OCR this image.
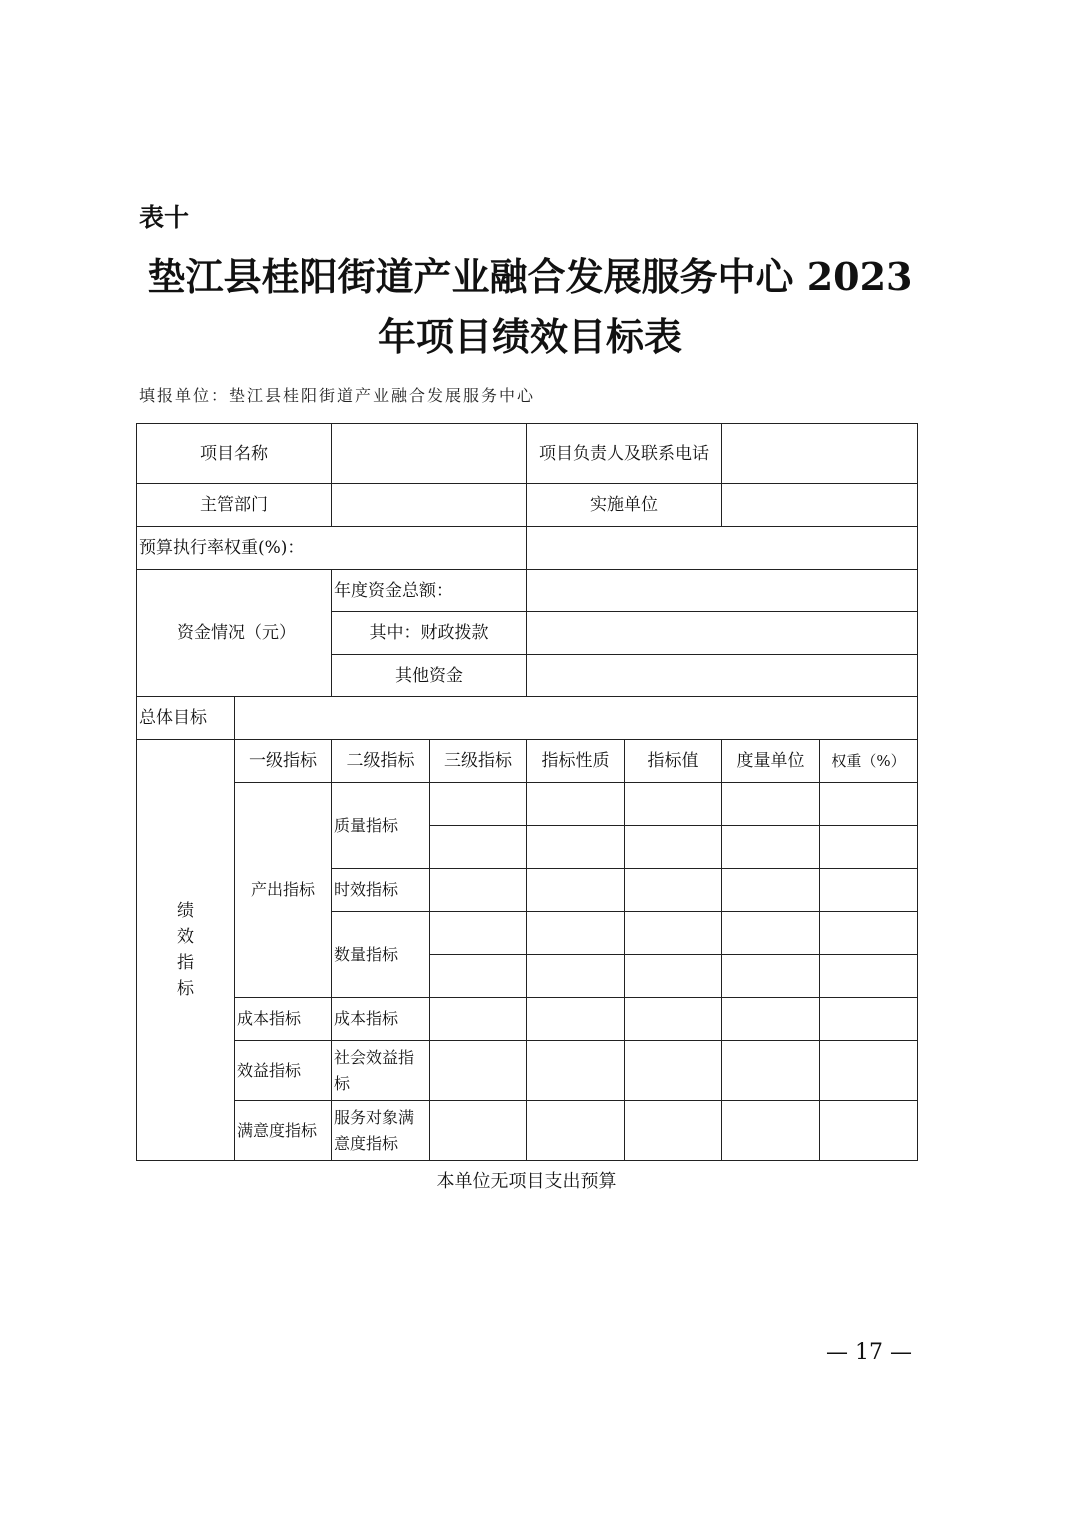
表十
垫江县桂阳街道产业融合发展服务中心 2023
年项目绩效目标表
填报单位：垫江县桂阳街道产业融合发展服务中心
项目名称				项目负责人及联系电话			
主管部门				实施单位			
预算执行率权重(%)：							
资金情况（元）		年度资金总额：					
		其中：财政拨款					
		其他资金					
总体目标							
绩效指标	一级指标	二级指标	三级指标	指标性质	指标值	度量单位	权重（%）
	产出指标	质量指标					

		时效指标					
		数量指标					

	成本指标	成本指标					
	效益指标	社会效益指标					
	满意度指标	服务对象满意度指标					
本单位无项目支出预算
— 17 —
